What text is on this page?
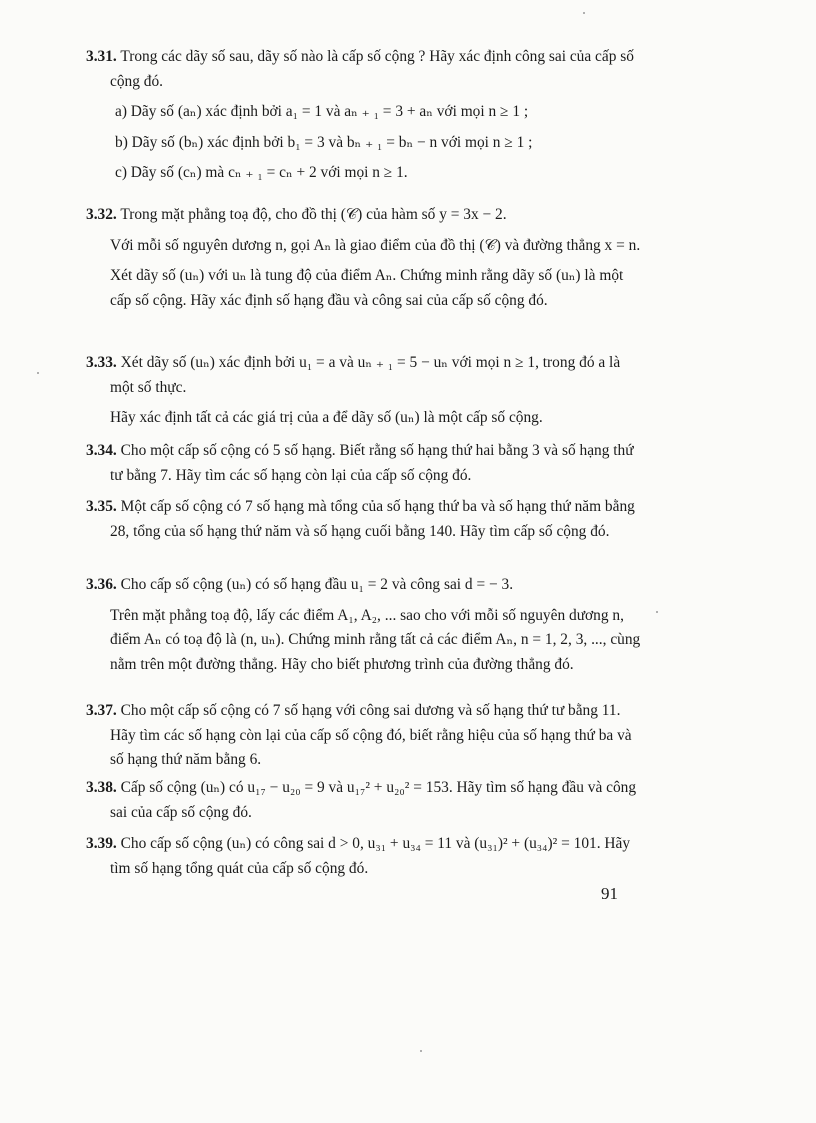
3.31. Trong các dãy số sau, dãy số nào là cấp số cộng ? Hãy xác định công sai của cấp số cộng đó.

a) Dãy số (aₙ) xác định bởi a₁ = 1 và aₙ ₊ ₁ = 3 + aₙ với mọi n ≥ 1 ;

b) Dãy số (bₙ) xác định bởi b₁ = 3 và bₙ ₊ ₁ = bₙ − n với mọi n ≥ 1 ;

c) Dãy số (cₙ) mà cₙ ₊ ₁ = cₙ + 2 với mọi n ≥ 1.

3.32. Trong mặt phẳng toạ độ, cho đồ thị (𝒞) của hàm số y = 3x − 2.

Với mỗi số nguyên dương n, gọi Aₙ là giao điểm của đồ thị (𝒞) và đường thẳng x = n.

Xét dãy số (uₙ) với uₙ là tung độ của điểm Aₙ. Chứng minh rằng dãy số (uₙ) là một cấp số cộng. Hãy xác định số hạng đầu và công sai của cấp số cộng đó.

3.33. Xét dãy số (uₙ) xác định bởi u₁ = a và uₙ ₊ ₁ = 5 − uₙ với mọi n ≥ 1, trong đó a là một số thực.

Hãy xác định tất cả các giá trị của a để dãy số (uₙ) là một cấp số cộng.

3.34. Cho một cấp số cộng có 5 số hạng. Biết rằng số hạng thứ hai bằng 3 và số hạng thứ tư bằng 7. Hãy tìm các số hạng còn lại của cấp số cộng đó.

3.35. Một cấp số cộng có 7 số hạng mà tổng của số hạng thứ ba và số hạng thứ năm bằng 28, tổng của số hạng thứ năm và số hạng cuối bằng 140. Hãy tìm cấp số cộng đó.

3.36. Cho cấp số cộng (uₙ) có số hạng đầu u₁ = 2 và công sai d = − 3.

Trên mặt phẳng toạ độ, lấy các điểm A₁, A₂, ... sao cho với mỗi số nguyên dương n, điểm Aₙ có toạ độ là (n, uₙ). Chứng minh rằng tất cả các điểm Aₙ, n = 1, 2, 3, ..., cùng nằm trên một đường thẳng. Hãy cho biết phương trình của đường thẳng đó.

3.37. Cho một cấp số cộng có 7 số hạng với công sai dương và số hạng thứ tư bằng 11. Hãy tìm các số hạng còn lại của cấp số cộng đó, biết rằng hiệu của số hạng thứ ba và số hạng thứ năm bằng 6.

3.38. Cấp số cộng (uₙ) có u₁₇ − u₂₀ = 9 và u₁₇² + u₂₀² = 153. Hãy tìm số hạng đầu và công sai của cấp số cộng đó.

3.39. Cho cấp số cộng (uₙ) có công sai d > 0, u₃₁ + u₃₄ = 11 và (u₃₁)² + (u₃₄)² = 101. Hãy tìm số hạng tổng quát của cấp số cộng đó.

91
